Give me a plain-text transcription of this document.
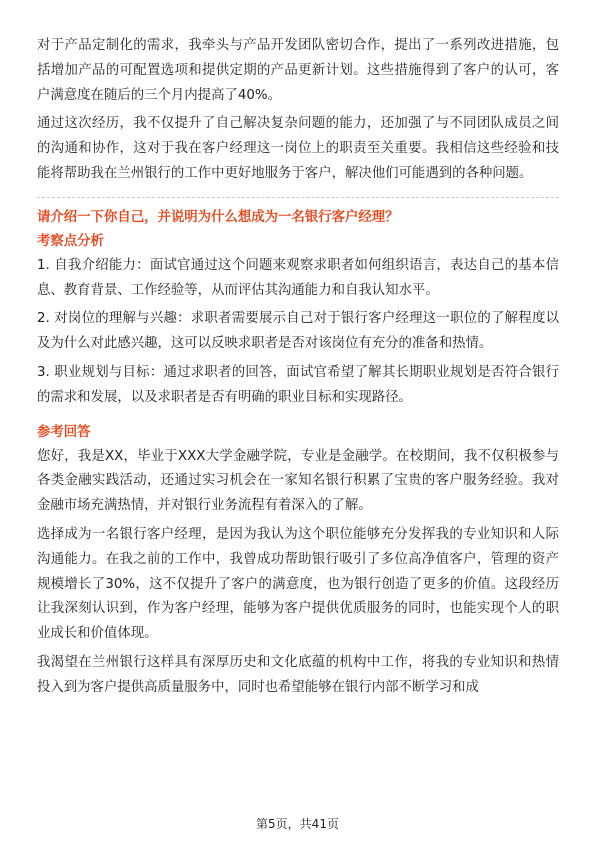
对于产品定制化的需求，我牵头与产品开发团队密切合作，提出了一系列改进措施，包括增加产品的可配置选项和提供定期的产品更新计划。这些措施得到了客户的认可，客户满意度在随后的三个月内提高了40%。

通过这次经历，我不仅提升了自己解决复杂问题的能力，还加强了与不同团队成员之间的沟通和协作，这对于我在客户经理这一岗位上的职责至关重要。我相信这些经验和技能将帮助我在兰州银行的工作中更好地服务于客户，解决他们可能遇到的各种问题。

请介绍一下你自己，并说明为什么想成为一名银行客户经理？

考察点分析

1. 自我介绍能力：面试官通过这个问题来观察求职者如何组织语言，表达自己的基本信息、教育背景、工作经验等，从而评估其沟通能力和自我认知水平。

2. 对岗位的理解与兴趣：求职者需要展示自己对于银行客户经理这一职位的了解程度以及为什么对此感兴趣，这可以反映求职者是否对该岗位有充分的准备和热情。

3. 职业规划与目标：通过求职者的回答，面试官希望了解其长期职业规划是否符合银行的需求和发展，以及求职者是否有明确的职业目标和实现路径。

参考回答

您好，我是XX，毕业于XXX大学金融学院，专业是金融学。在校期间，我不仅积极参与各类金融实践活动，还通过实习机会在一家知名银行积累了宝贵的客户服务经验。我对金融市场充满热情，并对银行业务流程有着深入的了解。

选择成为一名银行客户经理，是因为我认为这个职位能够充分发挥我的专业知识和人际沟通能力。在我之前的工作中，我曾成功帮助银行吸引了多位高净值客户，管理的资产规模增长了30%，这不仅提升了客户的满意度，也为银行创造了更多的价值。这段经历让我深刻认识到，作为客户经理，能够为客户提供优质服务的同时，也能实现个人的职业成长和价值体现。

我渴望在兰州银行这样具有深厚历史和文化底蕴的机构中工作，将我的专业知识和热情投入到为客户提供高质量服务中，同时也希望能够在银行内部不断学习和成

第5页，共41页
